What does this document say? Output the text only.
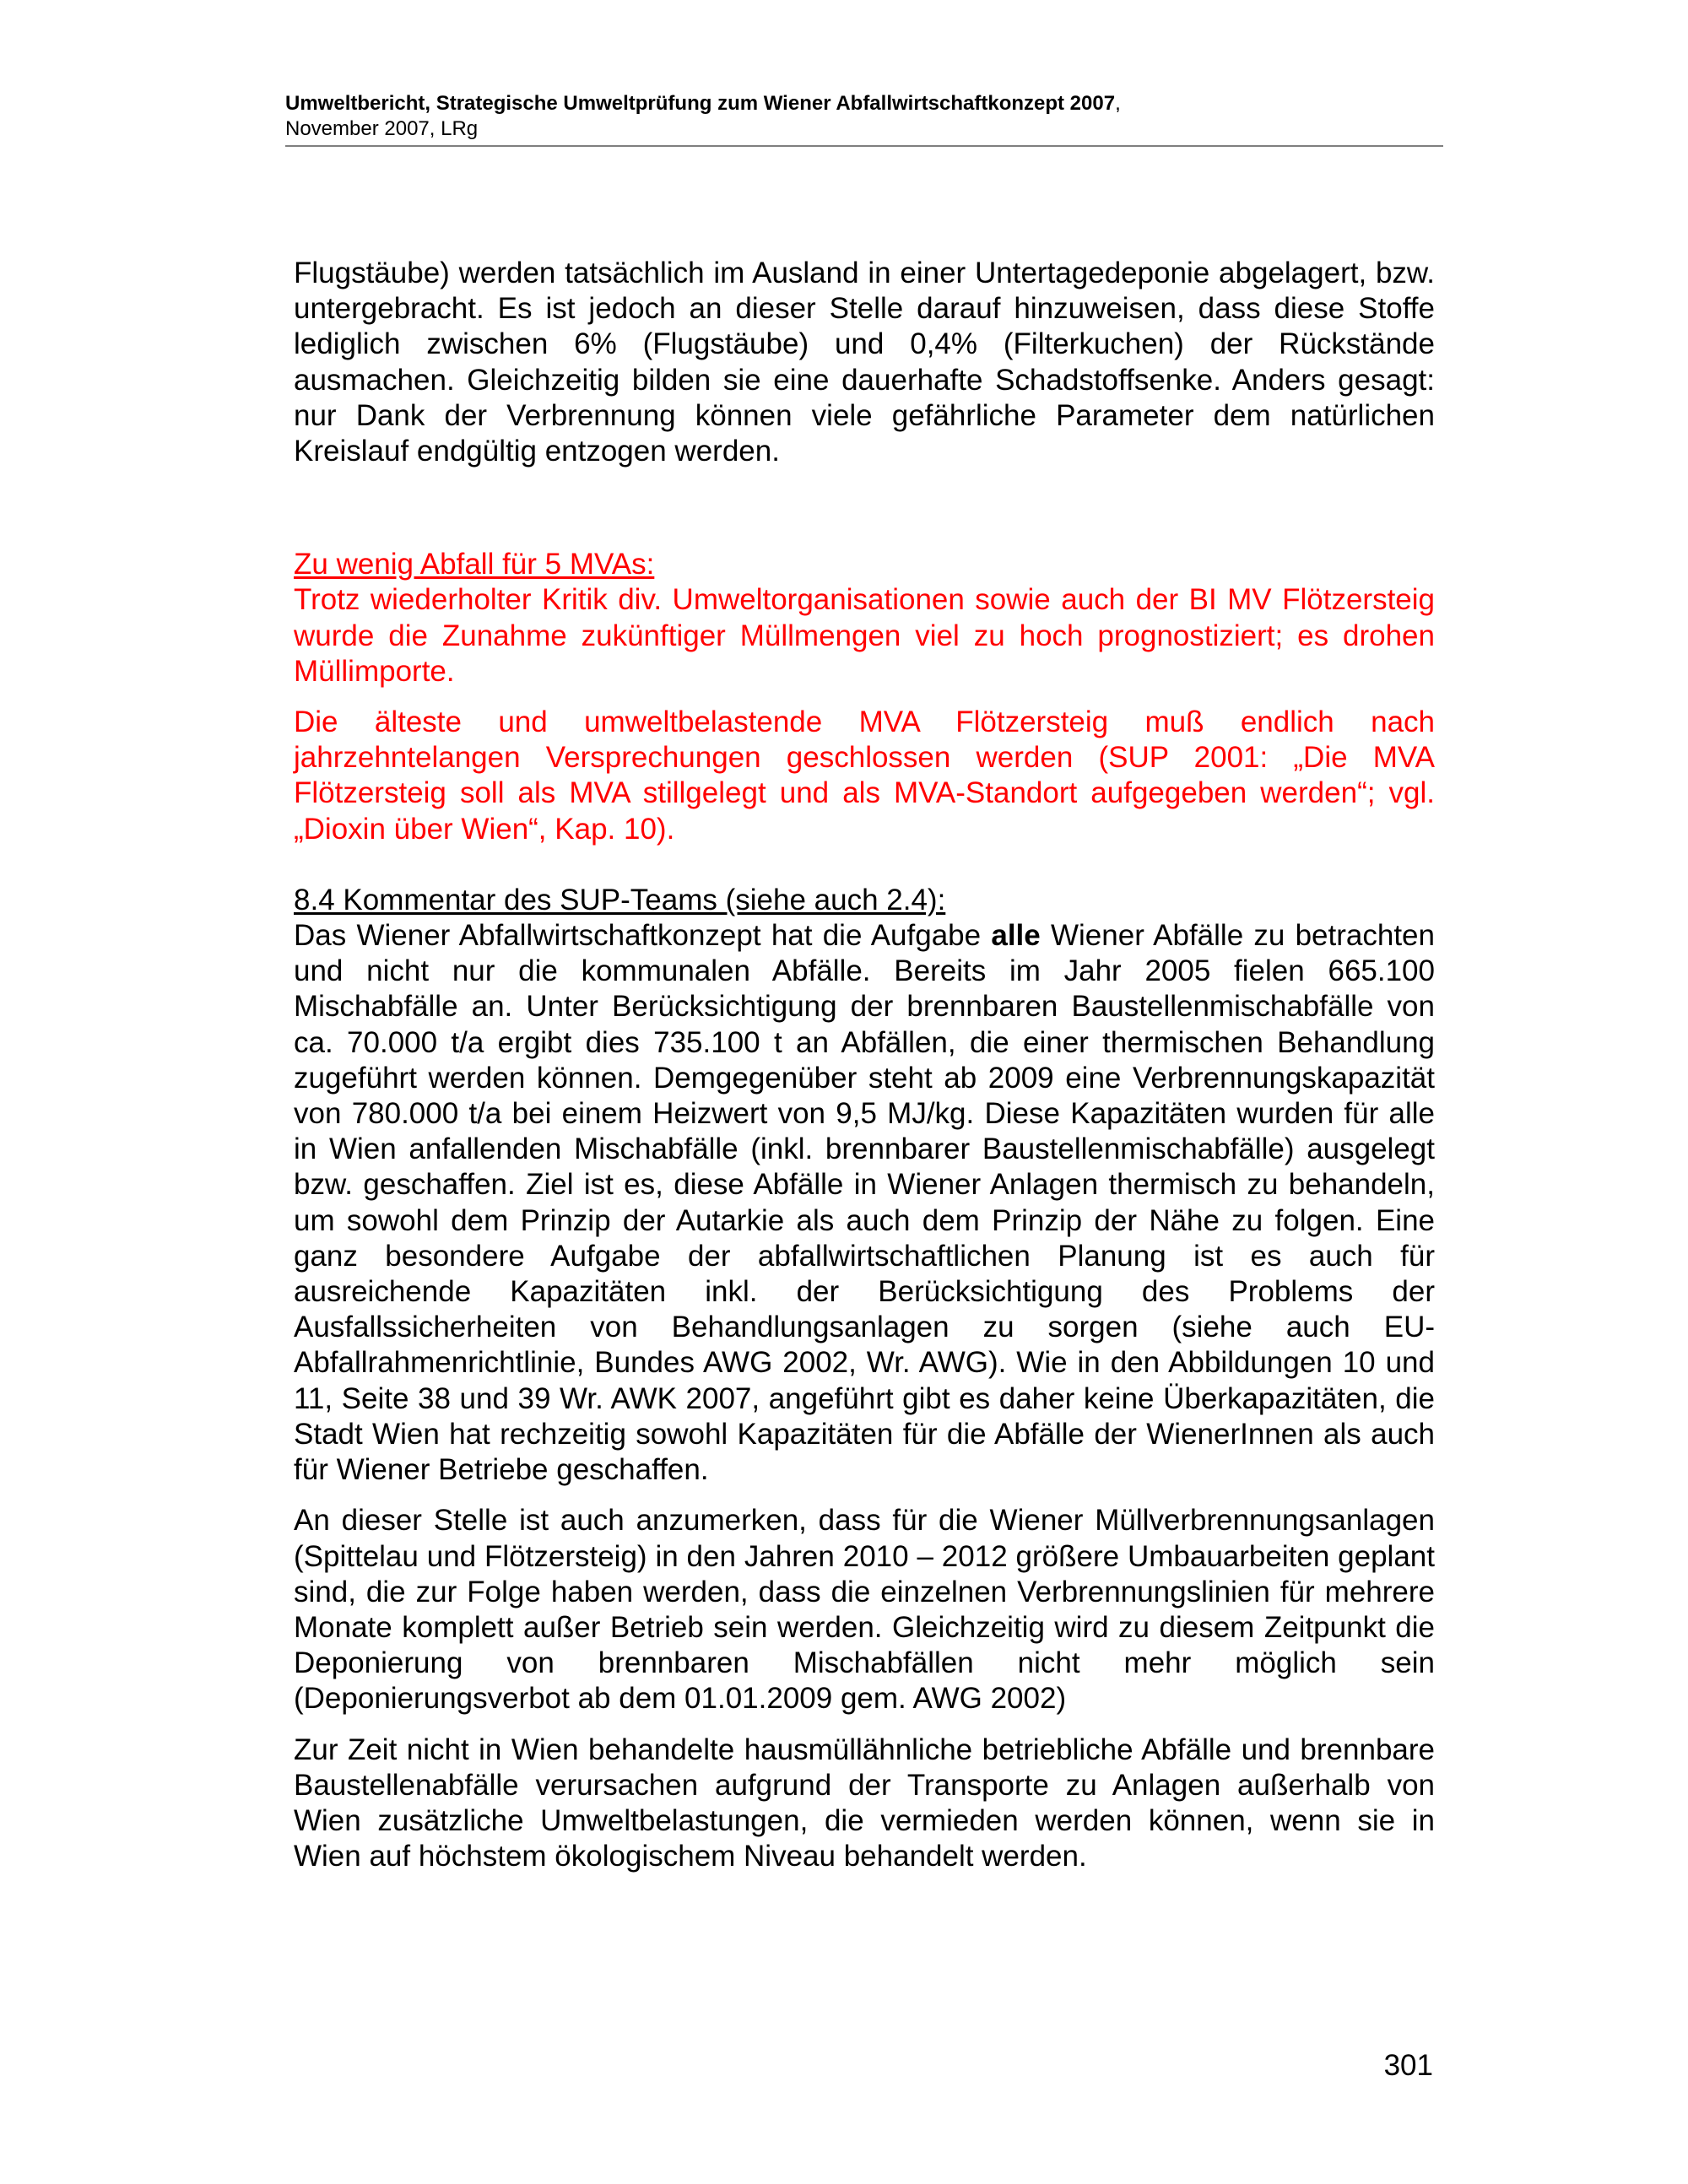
Umweltbericht, Strategische Umweltprüfung zum Wiener Abfallwirtschaftkonzept 2007,
November 2007, LRg

Flugstäube) werden tatsächlich im Ausland in einer Untertagedeponie abgelagert, bzw. untergebracht. Es ist jedoch an dieser Stelle darauf hinzuweisen, dass diese Stoffe lediglich zwischen 6% (Flugstäube) und 0,4% (Filterkuchen) der Rückstände ausmachen. Gleichzeitig bilden sie eine dauerhafte Schadstoffsenke. Anders gesagt: nur Dank der Verbrennung können viele gefährliche Parameter dem natürlichen Kreislauf endgültig entzogen werden.

Zu wenig Abfall für 5 MVAs:

Trotz wiederholter Kritik div. Umweltorganisationen sowie auch der BI MV Flötzersteig wurde die Zunahme zukünftiger Müllmengen viel zu hoch prognostiziert; es drohen Müllimporte.

Die älteste und umweltbelastende MVA Flötzersteig muß endlich nach jahrzehntelangen Versprechungen geschlossen werden (SUP 2001: „Die MVA Flötzersteig soll als MVA stillgelegt und als MVA-Standort aufgegeben werden“; vgl. „Dioxin über Wien“, Kap. 10).

8.4 Kommentar des SUP-Teams (siehe auch 2.4):

Das Wiener Abfallwirtschaftkonzept hat die Aufgabe alle Wiener Abfälle zu betrachten und nicht nur die kommunalen Abfälle. Bereits im Jahr 2005 fielen 665.100 Mischabfälle an. Unter Berücksichtigung der brennbaren Baustellenmischabfälle von ca. 70.000 t/a ergibt dies 735.100 t an Abfällen, die einer thermischen Behandlung zugeführt werden können. Demgegenüber steht ab 2009 eine Verbrennungskapazität von 780.000 t/a bei einem Heizwert von 9,5 MJ/kg. Diese Kapazitäten wurden für alle in Wien anfallenden Mischabfälle (inkl. brennbarer Baustellenmischabfälle) ausgelegt bzw. geschaffen. Ziel ist es, diese Abfälle in Wiener Anlagen thermisch zu behandeln, um sowohl dem Prinzip der Autarkie als auch dem Prinzip der Nähe zu folgen. Eine ganz besondere Aufgabe der abfallwirtschaftlichen Planung ist es auch für ausreichende Kapazitäten inkl. der Berücksichtigung des Problems der Ausfallssicherheiten von Behandlungsanlagen zu sorgen (siehe auch EU-Abfallrahmenrichtlinie, Bundes AWG 2002, Wr. AWG). Wie in den Abbildungen 10 und 11, Seite 38 und 39 Wr. AWK 2007, angeführt gibt es daher keine Überkapazitäten, die Stadt Wien hat rechzeitig sowohl Kapazitäten für die Abfälle der WienerInnen als auch für Wiener Betriebe geschaffen.

An dieser Stelle ist auch anzumerken, dass für die Wiener Müllverbrennungsanlagen (Spittelau und Flötzersteig) in den Jahren 2010 – 2012 größere Umbauarbeiten geplant sind, die zur Folge haben werden, dass die einzelnen Verbrennungslinien für mehrere Monate komplett außer Betrieb sein werden. Gleichzeitig wird zu diesem Zeitpunkt die Deponierung von brennbaren Mischabfällen nicht mehr möglich sein (Deponierungsverbot ab dem 01.01.2009 gem. AWG 2002)

Zur Zeit nicht in Wien behandelte hausmüllähnliche betriebliche Abfälle und brennbare Baustellenabfälle verursachen aufgrund der Transporte zu Anlagen außerhalb von Wien zusätzliche Umweltbelastungen, die vermieden werden können, wenn sie in Wien auf höchstem ökologischem Niveau behandelt werden.

301
